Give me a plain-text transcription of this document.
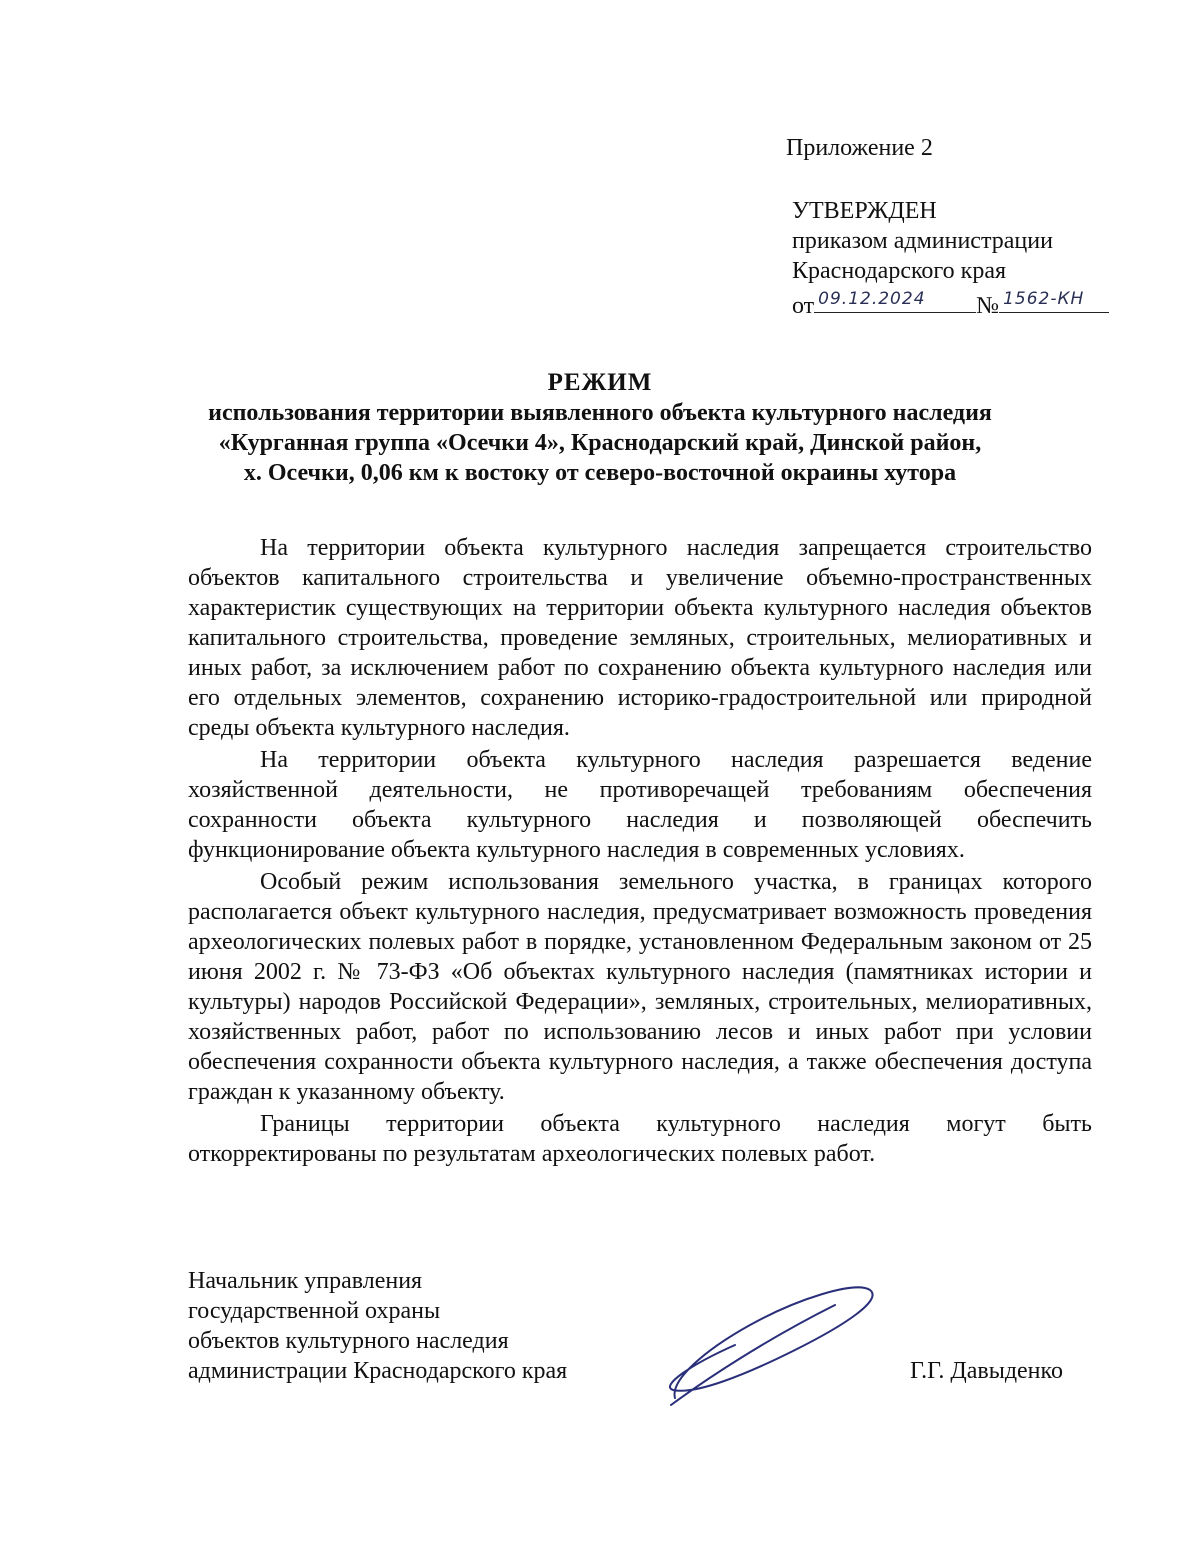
Приложение 2
УТВЕРЖДЕН
приказом администрации
Краснодарского края
от 09.12.2024 № 1562-КН
РЕЖИМ
использования территории выявленного объекта культурного наследия
«Курганная группа «Осечки 4», Краснодарский край, Динской район,
х. Осечки, 0,06 км к востоку от северо-восточной окраины хутора

На территории объекта культурного наследия запрещается строительство объектов капитального строительства и увеличение объемно-пространственных характеристик существующих на территории объекта культурного наследия объектов капитального строительства, проведение земляных, строительных, мелиоративных и иных работ, за исключением работ по сохранению объекта культурного наследия или его отдельных элементов, сохранению историко-градостроительной или природной среды объекта культурного наследия.

На территории объекта культурного наследия разрешается ведение хозяйственной деятельности, не противоречащей требованиям обеспечения сохранности объекта культурного наследия и позволяющей обеспечить функционирование объекта культурного наследия в современных условиях.

Особый режим использования земельного участка, в границах которого располагается объект культурного наследия, предусматривает возможность проведения археологических полевых работ в порядке, установленном Федеральным законом от 25 июня 2002 г. № 73-ФЗ «Об объектах культурного наследия (памятниках истории и культуры) народов Российской Федерации», земляных, строительных, мелиоративных, хозяйственных работ, работ по использованию лесов и иных работ при условии обеспечения сохранности объекта культурного наследия, а также обеспечения доступа граждан к указанному объекту.

Границы территории объекта культурного наследия могут быть откорректированы по результатам археологических полевых работ.

Начальник управления
государственной охраны
объектов культурного наследия
администрации Краснодарского края	Г.Г. Давыденко
